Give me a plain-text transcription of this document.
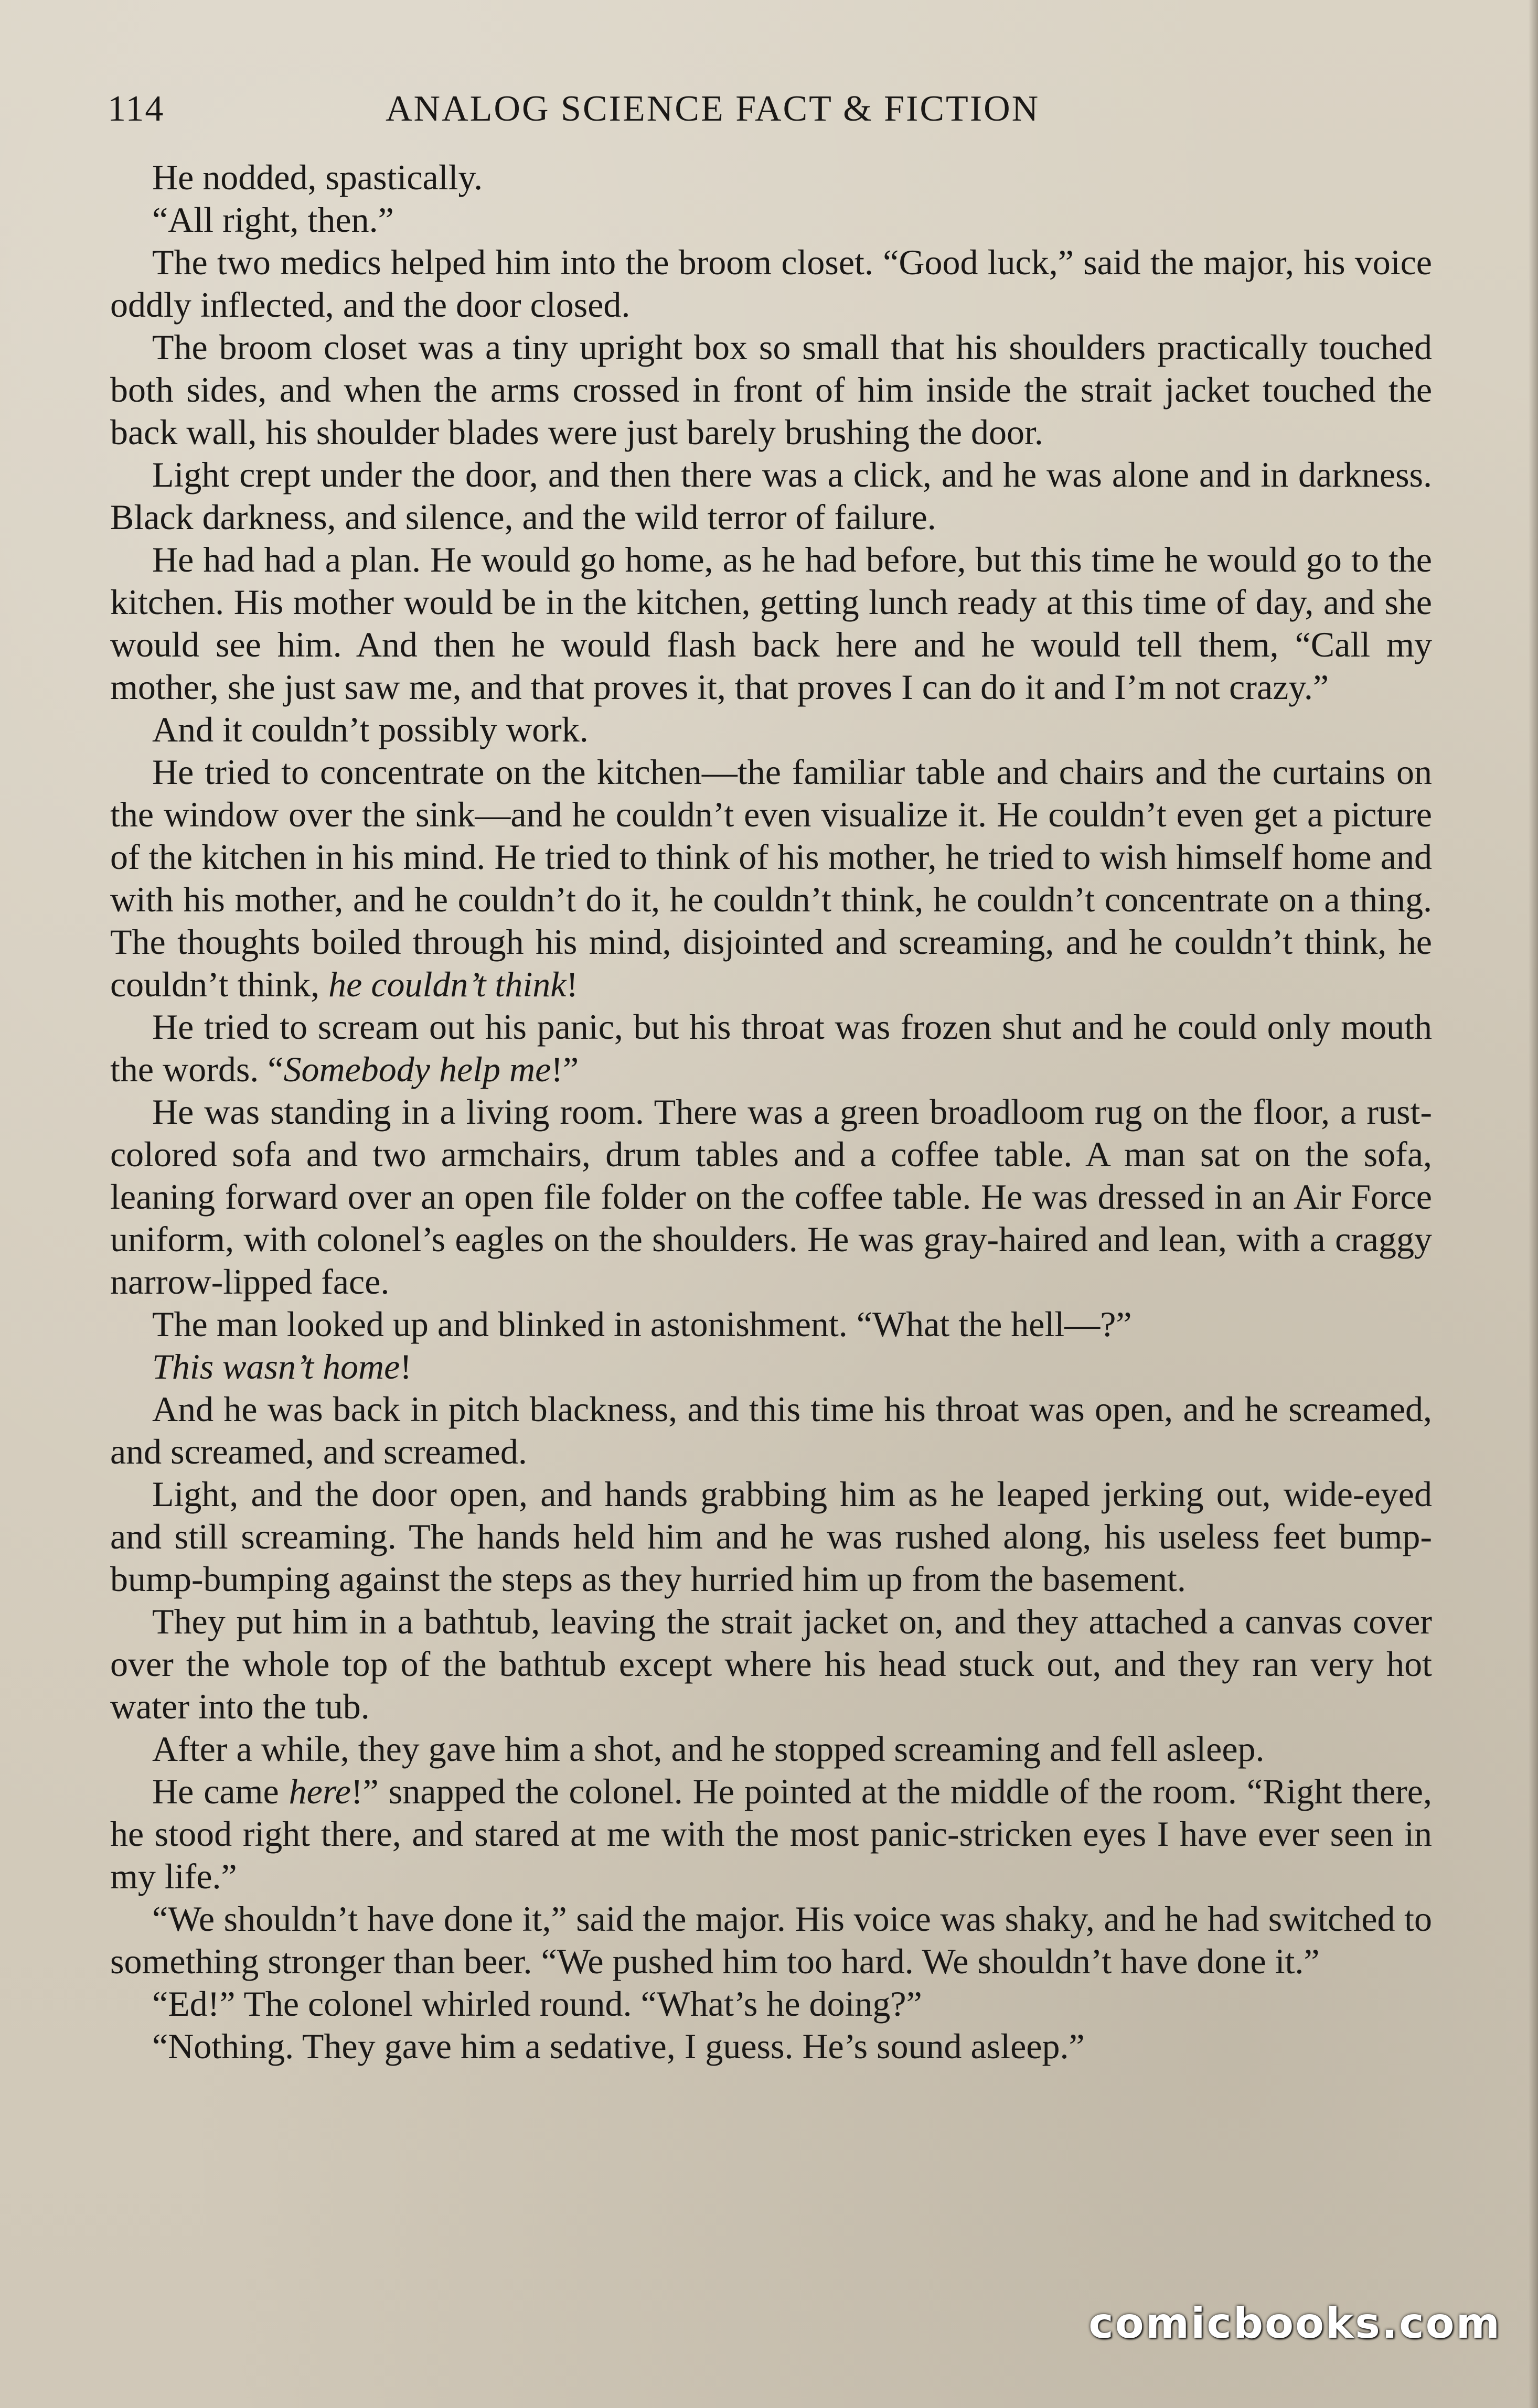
114	ANALOG SCIENCE FACT & FICTION

He nodded, spastically.

“All right, then.”

The two medics helped him into the broom closet. “Good luck,” said the major, his voice oddly inflected, and the door closed.

The broom closet was a tiny upright box so small that his shoulders practically touched both sides, and when the arms crossed in front of him inside the strait jacket touched the back wall, his shoulder blades were just barely brushing the door.

Light crept under the door, and then there was a click, and he was alone and in darkness. Black darkness, and silence, and the wild terror of failure.

He had had a plan. He would go home, as he had before, but this time he would go to the kitchen. His mother would be in the kitchen, getting lunch ready at this time of day, and she would see him. And then he would flash back here and he would tell them, “Call my mother, she just saw me, and that proves it, that proves I can do it and I’m not crazy.”

And it couldn’t possibly work.

He tried to concentrate on the kitchen—the familiar table and chairs and the curtains on the window over the sink—and he couldn’t even visualize it. He couldn’t even get a picture of the kitchen in his mind. He tried to think of his mother, he tried to wish himself home and with his mother, and he couldn’t do it, he couldn’t think, he couldn’t concentrate on a thing. The thoughts boiled through his mind, disjointed and screaming, and he couldn’t think, he couldn’t think, he couldn’t think!

He tried to scream out his panic, but his throat was frozen shut and he could only mouth the words. “Somebody help me!”

He was standing in a living room. There was a green broadloom rug on the floor, a rust-colored sofa and two armchairs, drum tables and a coffee table. A man sat on the sofa, leaning forward over an open file folder on the coffee table. He was dressed in an Air Force uniform, with colonel’s eagles on the shoulders. He was gray-haired and lean, with a craggy narrow-lipped face.

The man looked up and blinked in astonishment. “What the hell—?”

This wasn’t home!

And he was back in pitch blackness, and this time his throat was open, and he screamed, and screamed, and screamed.

Light, and the door open, and hands grabbing him as he leaped jerking out, wide-eyed and still screaming. The hands held him and he was rushed along, his useless feet bump-bump-bumping against the steps as they hurried him up from the basement.

They put him in a bathtub, leaving the strait jacket on, and they attached a canvas cover over the whole top of the bathtub except where his head stuck out, and they ran very hot water into the tub.

After a while, they gave him a shot, and he stopped screaming and fell asleep.

He came here!” snapped the colonel. He pointed at the middle of the room. “Right there, he stood right there, and stared at me with the most panic-stricken eyes I have ever seen in my life.”

“We shouldn’t have done it,” said the major. His voice was shaky, and he had switched to something stronger than beer. “We pushed him too hard. We shouldn’t have done it.”

“Ed!” The colonel whirled round. “What’s he doing?”

“Nothing. They gave him a sedative, I guess. He’s sound asleep.”

comicbooks.com
